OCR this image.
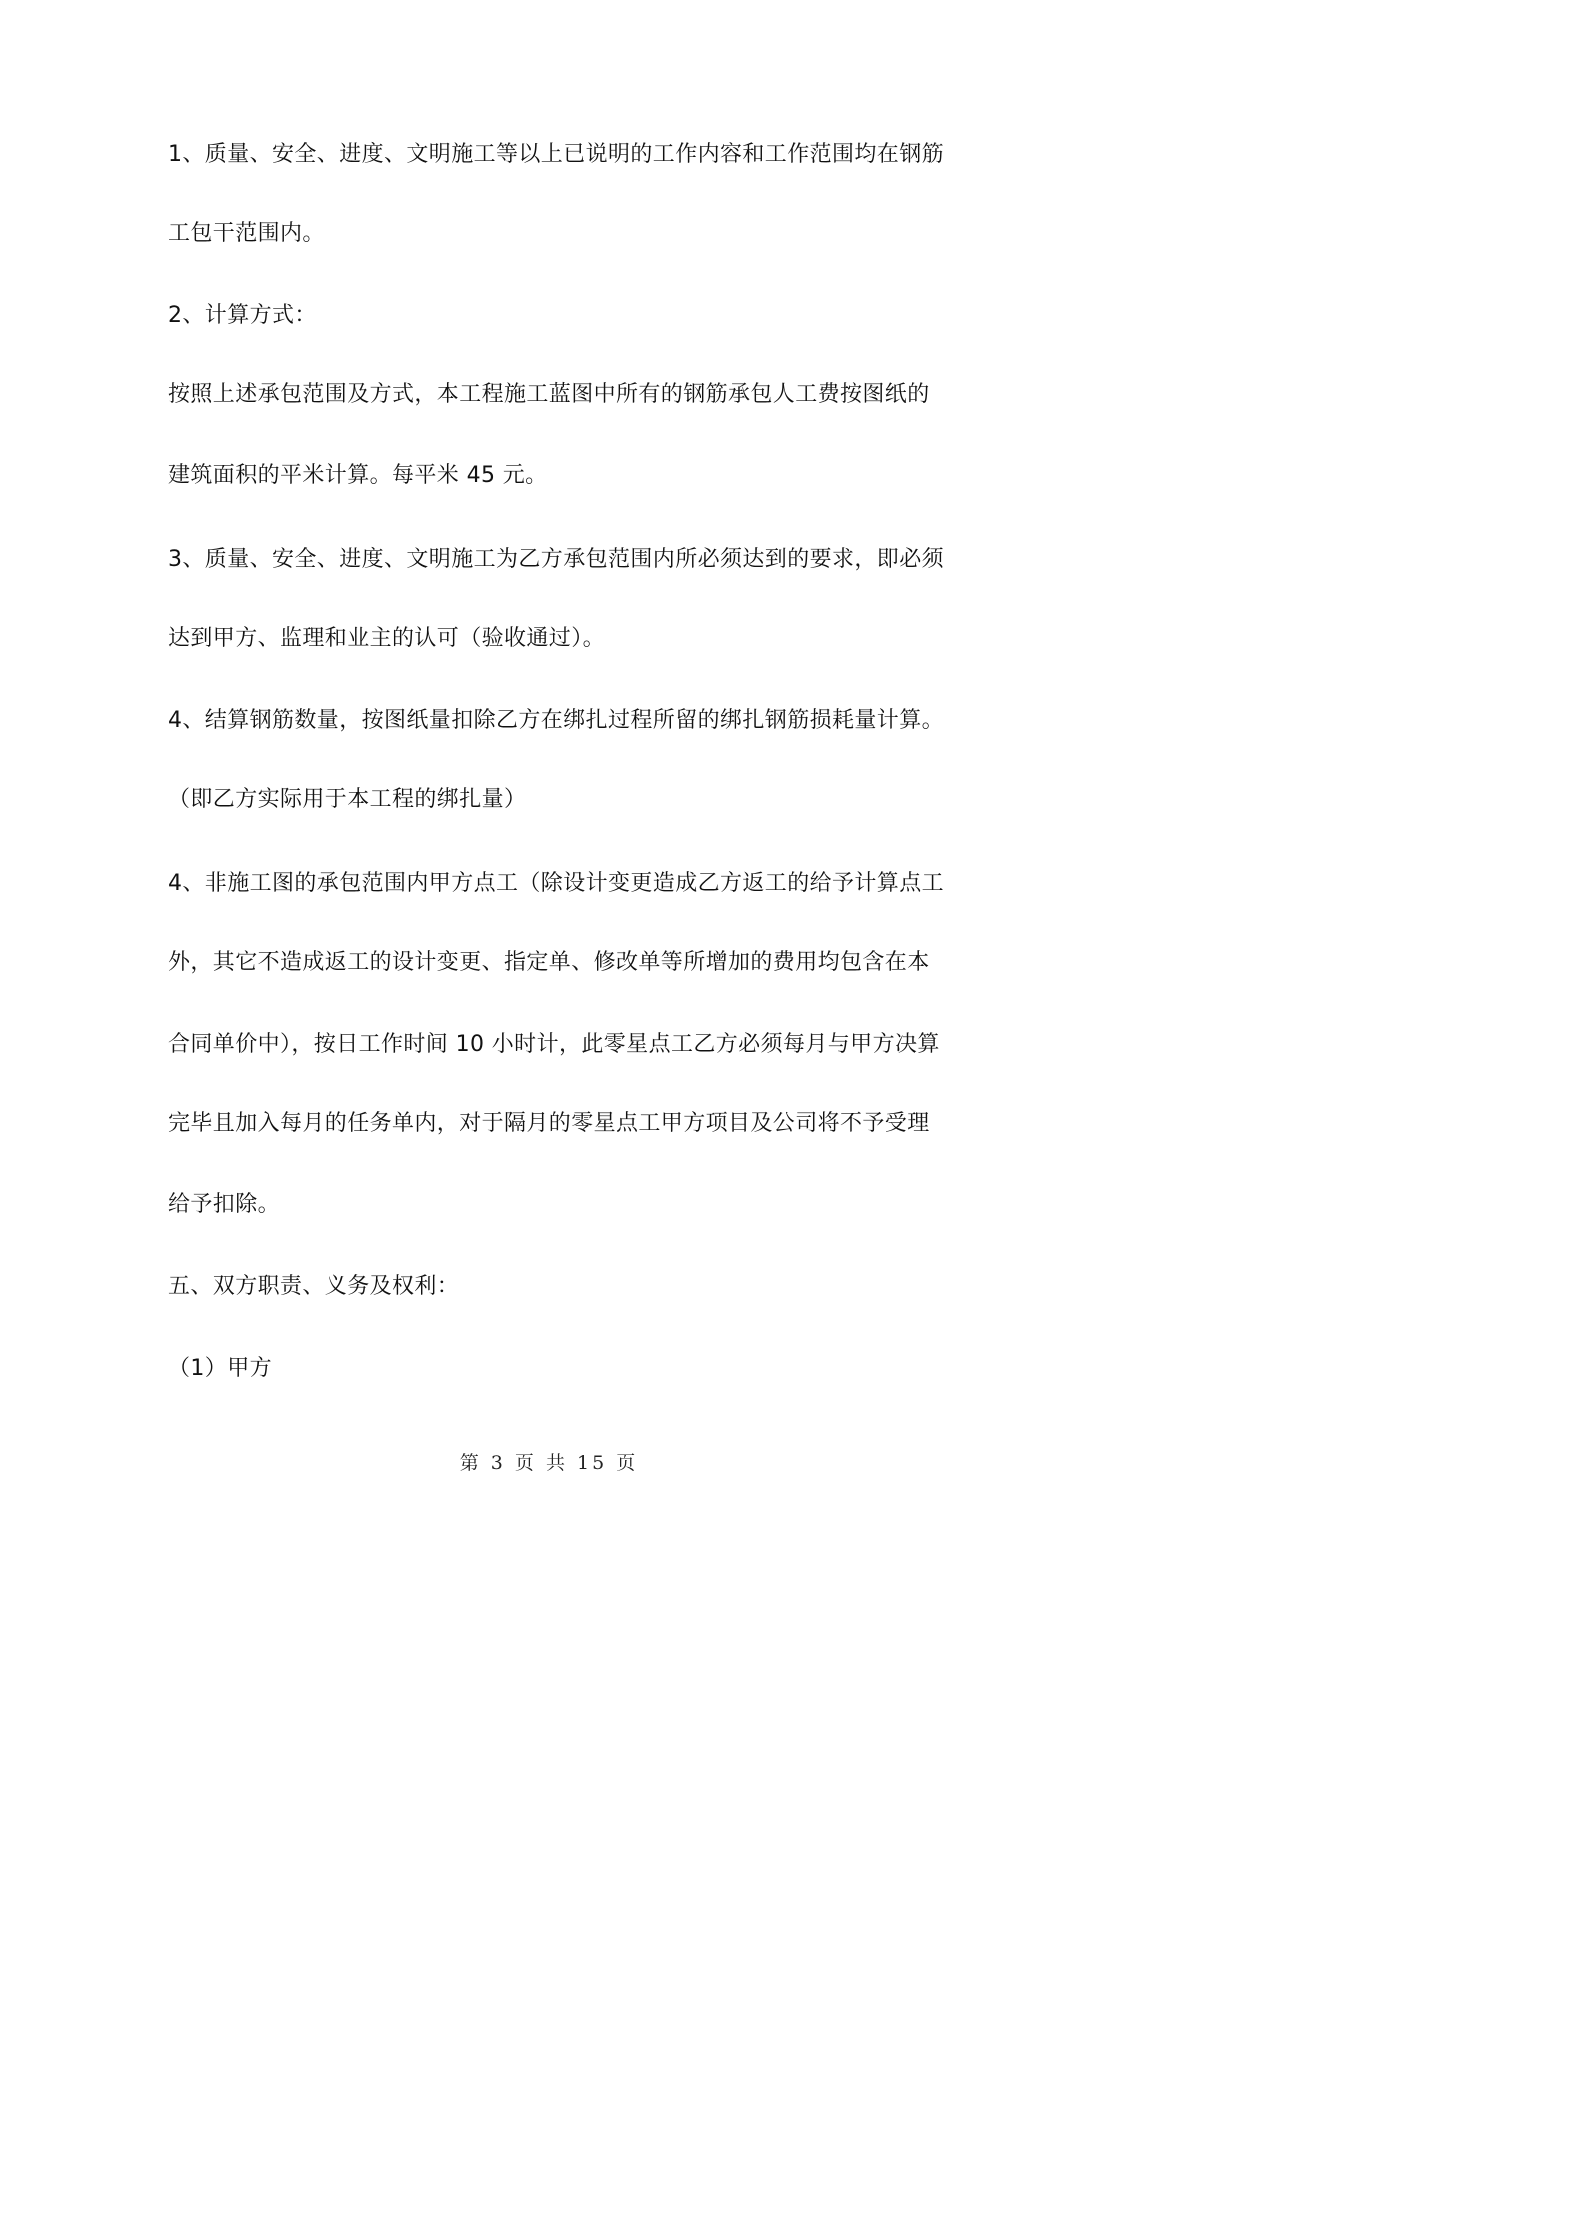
1、质量、安全、进度、文明施工等以上已说明的工作内容和工作范围均在钢筋
工包干范围内。
2、计算方式：
按照上述承包范围及方式，本工程施工蓝图中所有的钢筋承包人工费按图纸的
建筑面积的平米计算。每平米 45 元。
3、质量、安全、进度、文明施工为乙方承包范围内所必须达到的要求，即必须
达到甲方、监理和业主的认可（验收通过）。
4、结算钢筋数量，按图纸量扣除乙方在绑扎过程所留的绑扎钢筋损耗量计算。
（即乙方实际用于本工程的绑扎量）
4、非施工图的承包范围内甲方点工（除设计变更造成乙方返工的给予计算点工
外，其它不造成返工的设计变更、指定单、修改单等所增加的费用均包含在本
合同单价中），按日工作时间 10 小时计，此零星点工乙方必须每月与甲方决算
完毕且加入每月的任务单内，对于隔月的零星点工甲方项目及公司将不予受理
给予扣除。
五、双方职责、义务及权利：
（1）甲方
第 3 页 共 15 页
